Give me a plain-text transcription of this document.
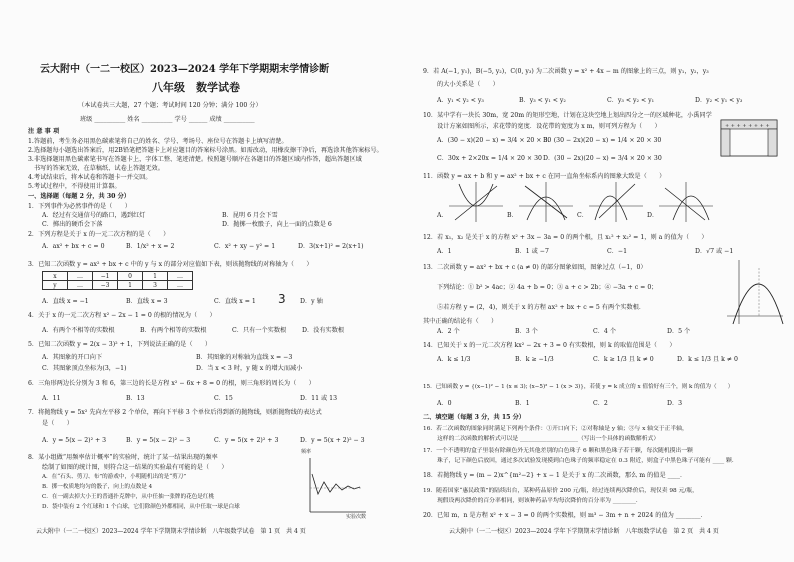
云大附中（一二一校区）2023—2024 学年下学期期末学情诊断
八年级　数学试卷
（本试卷共三大题，27 个题；考试时间 120 分钟；满分 100 分）
班级 __________ 姓名 __________ 学号 ______ 成绩 __________
注 意 事 项
1.答题前，考生务必用黑色碳素笔将自己的姓名、学号、考场号、座位号在答题卡上填写清楚。
2.选择题每小题选出答案后，用2B铅笔把答题卡上对应题目的答案标号涂黑。如需改动，用橡皮擦干净后，再选涂其他答案标号。
3.非选择题用黑色碳素笔书写在答题卡上，字体工整、笔迹清楚。按照题号顺序在各题目的答题区域内作答，超出答题区域
书写的答案无效，在草稿纸、试卷上答题无效。
4.考试结束后，将本试卷和答题卡一并交回。
5.考试过程中，不得使用计算器。
一、选择题（每题 2 分，共 30 分）
1．下列事件为必然事件的是（　　）
A．经过有交通信号的路口，遇到红灯	B．昆明 6 月会下雪
C．掷出的硬币会下落	D．抛掷一枚骰子，向上一面的点数是 6
2．下列方程是关于 x 的一元二次方程的是（　　）
A．ax² + bx + c = 0	B．1/x² + x = 2	C．x² + xy − y² = 1	D．3(x+1)² = 2(x+1)
3．已知二次函数 y = ax² + bx + c 中的 y 与 x 的部分对应值如下表，则该抛物线的对称轴为（　　）
x	…	−1	0	1	…
y	…	−3	1	3	…
A．直线 x = −1	B．直线 x = 3	C．直线 x = 1	D．y 轴
3
4．关于 x 的一元二次方程 x² − 2x − 1 = 0 的根的情况为（　　）
A．有两个不相等的实数根	B．有两个相等的实数根	C．只有一个实数根	D．没有实数根
5．已知二次函数 y = 2(x − 3)² + 1，下列说法正确的是（　　）
A．其图象的开口向下	B．其图象的对称轴为直线 x = −3
C．其图象顶点坐标为(3，−1)	D．当 x < 3 时，y 随 x 的增大而减小
6．三角形两边长分别为 3 和 6，第三边的长是方程 x² − 6x + 8 = 0 的根，则三角形的周长为（　　）
A．11	B．13	C．15	D．11 或 13
7．将抛物线 y = 5x² 先向左平移 2 个单位，再向下平移 3 个单位后得到新的抛物线，则新抛物线的表达式
是（　　）
A．y = 5(x − 2)² + 3	B．y = 5(x − 2)² − 3	C．y = 5(x + 2)² + 3	D．y = 5(x + 2)² − 3
8．某小组做“用频率估计概率”的实验时，统计了某一结果出现的频率
绘制了如图的统计图，则符合这一结果的实验最有可能的是（　　）
A．在“石头、剪刀、布”的游戏中，小明随机出的是“剪刀”
B．掷一枚质地均匀的骰子，向上的点数是 4
C．在一副去掉大小王的普通扑克牌中，从中任抽一张牌的花色是红桃
D．袋中装有 2 个红球和 1 个白球，它们除颜色外都相同，从中任取一球是白球
频率
实验次数
云大附中（一二一校区）2023—2024 学年下学期期末学情诊断　八年级数学试卷　第 1 页　共 4 页
9．若 A(−1, y₁)，B(−5, y₂)，C(0, y₃) 为二次函数 y = x² + 4x − m 的图象上的三点，则 y₁，y₂，y₃
的大小关系是（　　）
A．y₁ < y₂ < y₃	B．y₃ < y₁ < y₂	C．y₃ < y₂ < y₁	D．y₂ < y₁ < y₃
10．某中学有一块长 30m，宽 20m 的矩形空地，计划在这块空地上划出四分之一的区域种花，小禹同学
设计方案如图所示，求花带的宽度．设花带的宽度为 x m，则可列方程为（　　）
A．(30 − x)(20 − x) = 3/4 × 20 × 30
B．(30 − 2x)(20 − x) = 1/4 × 20 × 30
C．30x + 2×20x = 1/4 × 20 × 30 D．(30 − 2x)(20 − x) = 3/4 × 20 × 30
+ + + + + + + +
11．函数 y = ax + b 和 y = ax² + bx + c 在同一直角坐标系内的图象大致是（　　）
A．	B．	C．	D．
12．若 x₁，x₂ 是关于 x 的方程 x² + 3x − 3a = 0 的两个根，且 x₁² + x₂² = 1，则 a 的值为（　　）
A．1	B．1 或 −7	C．−1	D．√7 或 −1
13．二次函数 y = ax² + bx + c (a ≠ 0) 的部分图象如图，图象过点（−1，0）
下列结论：① b² > 4ac；② 4a + b = 0；③ a + c > 2b；④ −3a + c = 0；
⑤若方程 y = (2，4)，则关于 x 的方程 ax² + bx + c = 5 有两个实数根．
其中正确的结论有（　　）
A．2 个	B．3 个	C．4 个	D．5 个
14．已知关于 x 的一元二次方程 kx² − 2x + 3 = 0 有实数根，则 k 的取值范围是（　　）
A．k ≤ 1/3	B．k ≥ −1/3	C．k ≥ 1/3 且 k ≠ 0	D．k ≤ 1/3 且 k ≠ 0
15．已知函数 y = {(x−1)² − 1 (x ≤ 3); (x−5)² − 1 (x > 3)}，若使 y = k 成立的 x 值恰好有三个，则 k 的值为（　　）
A．0	B．1	C．2	D．3
二、填空题（每题 3 分，共 15 分）
16．若二次函数的图象同时满足下列两个条件：①开口向下；②对称轴是 y 轴；③与 x 轴交于正半轴，
这样的二次函数的解析式可以是 ____________________（写出一个具体的函数解析式）
17．一个不透明的盒子里装有除颜色外无其他差别的白色珠子 6 颗和黑色珠子若干颗，每次随机摸出一颗
珠子，记下颜色后放回，通过多次试验发现摸到白色珠子的频率稳定在 0.3 附近，则盒子中黑色珠子可能有 ____ 颗．
18．若抛物线 y = (m − 2)x^{m²−2} + x − 1 是关于 x 的二次函数，那么 m 的值是 ____．
19．随着国家“惠民政策”的陆续出台，某种药品原价 200 元/瓶，经过连续两次降价后，现仅卖 98 元/瓶，
现假设两次降价的百分率相同，则该种药品平均每次降价的百分率为 ________．
20．已知 m，n 是方程 x² + x − 3 = 0 的两个实数根，则 m³ − 3m + n + 2024 的值为 ________．
云大附中（一二一校区）2023—2024 学年下学期期末学情诊断　八年级数学试卷　第 2 页　共 4 页
